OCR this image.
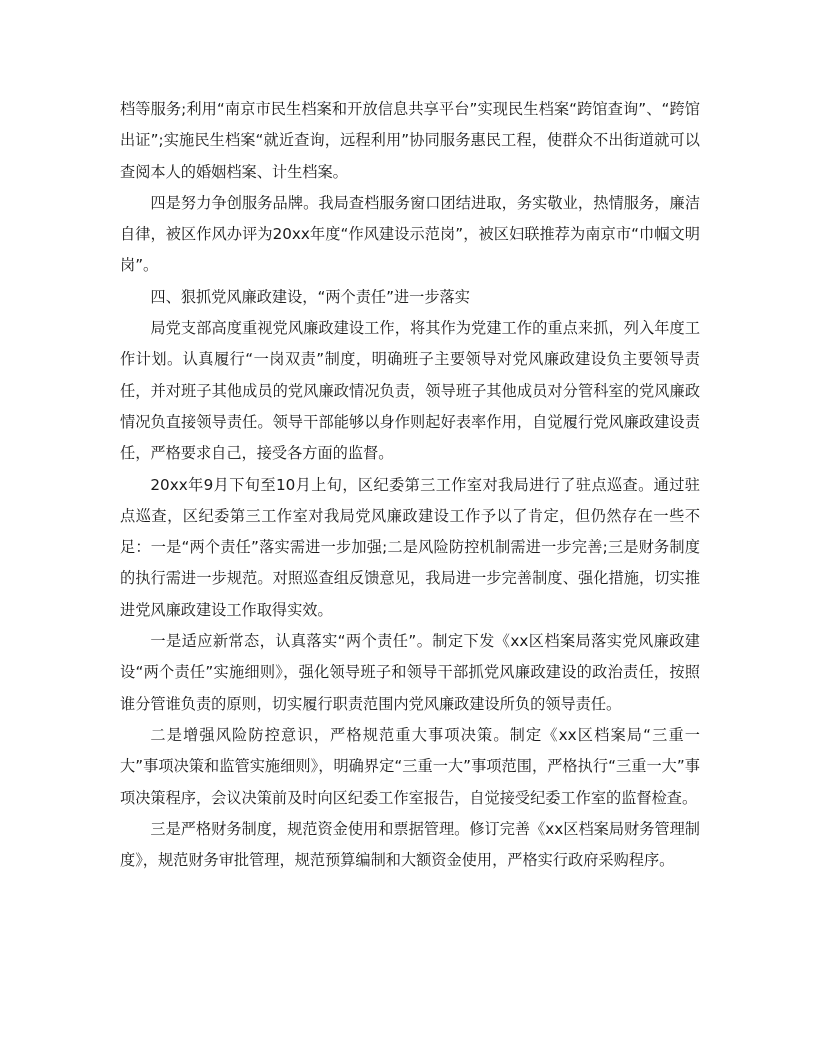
档等服务;利用“南京市民生档案和开放信息共享平台”实现民生档案“跨馆查询”、“跨馆出证”;实施民生档案“就近查询，远程利用”协同服务惠民工程，使群众不出街道就可以查阅本人的婚姻档案、计生档案。

四是努力争创服务品牌。我局查档服务窗口团结进取，务实敬业，热情服务，廉洁自律，被区作风办评为20xx年度“作风建设示范岗”，被区妇联推荐为南京市“巾帼文明岗”。

四、狠抓党风廉政建设，“两个责任”进一步落实

局党支部高度重视党风廉政建设工作，将其作为党建工作的重点来抓，列入年度工作计划。认真履行“一岗双责”制度，明确班子主要领导对党风廉政建设负主要领导责任，并对班子其他成员的党风廉政情况负责，领导班子其他成员对分管科室的党风廉政情况负直接领导责任。领导干部能够以身作则起好表率作用，自觉履行党风廉政建设责任，严格要求自己，接受各方面的监督。

20xx年9月下旬至10月上旬，区纪委第三工作室对我局进行了驻点巡查。通过驻点巡查，区纪委第三工作室对我局党风廉政建设工作予以了肯定，但仍然存在一些不足：一是“两个责任”落实需进一步加强;二是风险防控机制需进一步完善;三是财务制度的执行需进一步规范。对照巡查组反馈意见，我局进一步完善制度、强化措施，切实推进党风廉政建设工作取得实效。

一是适应新常态，认真落实“两个责任”。制定下发《xx区档案局落实党风廉政建设“两个责任”实施细则》，强化领导班子和领导干部抓党风廉政建设的政治责任，按照谁分管谁负责的原则，切实履行职责范围内党风廉政建设所负的领导责任。

二是增强风险防控意识，严格规范重大事项决策。制定《xx区档案局“三重一大”事项决策和监管实施细则》，明确界定“三重一大”事项范围，严格执行“三重一大”事项决策程序，会议决策前及时向区纪委工作室报告，自觉接受纪委工作室的监督检查。

三是严格财务制度，规范资金使用和票据管理。修订完善《xx区档案局财务管理制度》，规范财务审批管理，规范预算编制和大额资金使用，严格实行政府采购程序。
